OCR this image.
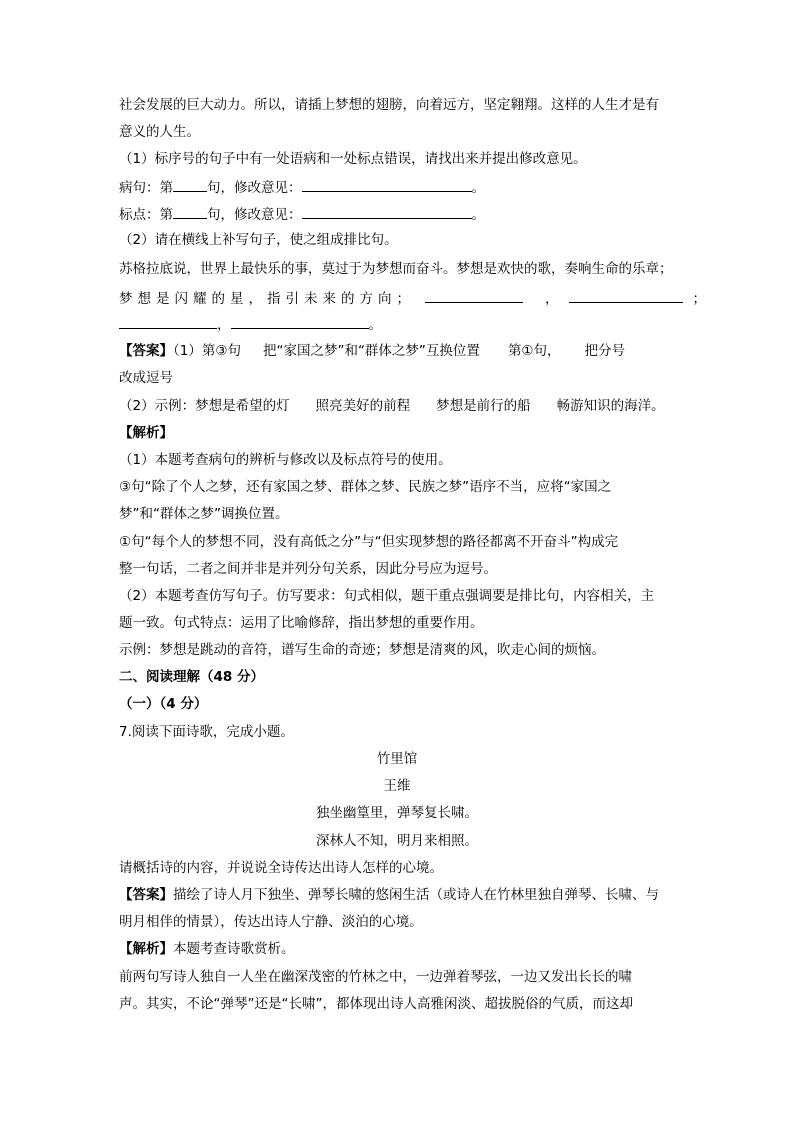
社会发展的巨大动力。所以，请插上梦想的翅膀，向着远方，坚定翱翔。这样的人生才是有
意义的人生。
（1）标序号的句子中有一处语病和一处标点错误，请找出来并提出修改意见。
病句：第	句，修改意见：	。
标点：第	句，修改意见：	。
（2）请在横线上补写句子，使之组成排比句。
苏格拉底说，世界上最快乐的事，莫过于为梦想而奋斗。梦想是欢快的歌，奏响生命的乐章；
梦想是闪耀的星，指引未来的方向；	，	；
，	。
【答案】（1）第③句 把“家国之梦”和“群体之梦”互换位置 第①句， 把分号
改成逗号
（2）示例：梦想是希望的灯 照亮美好的前程 梦想是前行的船 畅游知识的海洋。
【解析】
（1）本题考查病句的辨析与修改以及标点符号的使用。
③句“除了个人之梦，还有家国之梦、群体之梦、民族之梦”语序不当，应将“家国之
梦”和“群体之梦”调换位置。
①句“每个人的梦想不同，没有高低之分”与“但实现梦想的路径都离不开奋斗”构成完
整一句话，二者之间并非是并列分句关系，因此分号应为逗号。
（2）本题考查仿写句子。仿写要求：句式相似，题干重点强调要是排比句，内容相关，主
题一致。句式特点：运用了比喻修辞，指出梦想的重要作用。
示例：梦想是跳动的音符，谱写生命的奇迹；梦想是清爽的风，吹走心间的烦恼。
二、阅读理解（48 分）
（一）（4 分）
7.阅读下面诗歌，完成小题。
竹里馆
王维
独坐幽篁里，弹琴复长啸。
深林人不知，明月来相照。
请概括诗的内容，并说说全诗传达出诗人怎样的心境。
【答案】描绘了诗人月下独坐、弹琴长啸的悠闲生活（或诗人在竹林里独自弹琴、长啸、与
明月相伴的情景），传达出诗人宁静、淡泊的心境。
【解析】本题考查诗歌赏析。
前两句写诗人独自一人坐在幽深茂密的竹林之中，一边弹着琴弦，一边又发出长长的啸
声。其实，不论“弹琴”还是“长啸”，都体现出诗人高雅闲淡、超拔脱俗的气质，而这却
